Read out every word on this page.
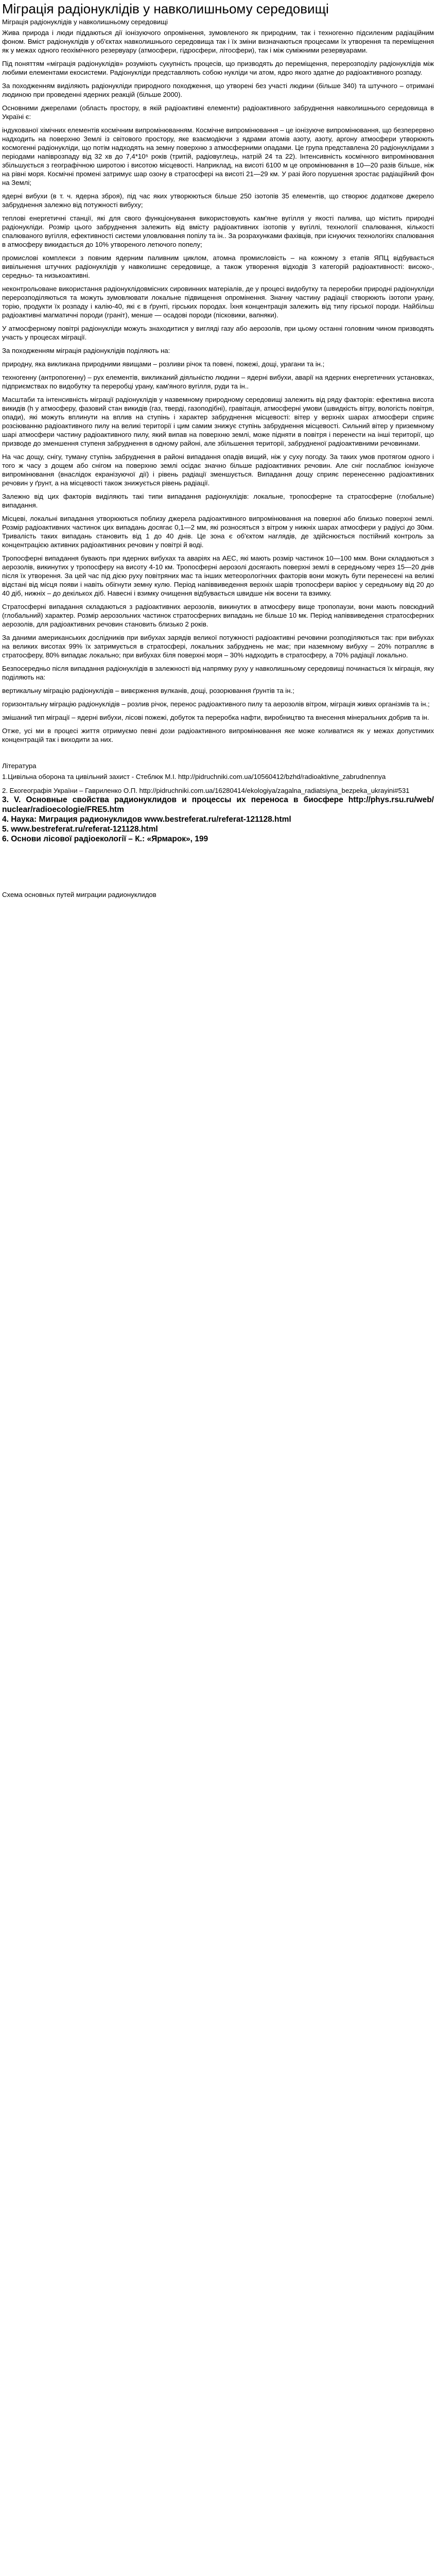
Міграція радіонуклідів у навколишньому середовищі

Міграція радіонуклідів у навколишньому середовищі

Жива природа і люди піддаються дії іонізуючого опромінення, зумовленого як природним, так і техногенно підсиленим радіаційним фоном. Вміст радіонуклідів у об'єктах навколишнього середовища так і їх зміни визначаються процесами їх утворення та переміщення як у межах одного геохімічного резервуару (атмосфери, гідросфери, літосфери), так і між суміжними резервуарами.

Під поняттям «міграція радіонуклідів» розуміють сукупність процесів, що призводять до переміщення, перерозподілу радіонуклідів між любими елементами екосистеми. Радіонукліди представляють собою нукліди чи атом, ядро якого здатне до радіоактивного розпаду.

За походженням виділяють радіонукліди природного походження, що утворені без участі людини (більше 340) та штучного – отримані людиною при проведенні ядерних реакцій (більше 2000).

Основними джерелами (область простору, в якій радіоактивні елементи) радіоактивного забруднення навколишнього середовища в Україні є:

індукованої хімічних елементів космічним випромінюванням. Космічне випромінювання – це іонізуюче випромінювання, що безперервно надходить на поверхню Землі із світового простору, яке взаємодіючи з ядрами атомів азоту, азоту, аргону атмосфери утворюють космогенні радіонукліди, що потім надходять на земну поверхню з атмосферними опадами. Це група представлена 20 радіонуклідами з періодами напіврозпаду від 32 хв до 7,4*10⁵ років (тритій, радіовуглець, натрій 24 та 22). Інтенсивність космічного випромінювання збільшується з географічною широтою і висотою місцевості. Наприклад, на висоті 6100 м це опромінювання в 10—20 разів більше, ніж на рівні моря. Космічні промені затримує шар озону в стратосфері на висоті 21—29 км. У разі його порушення зростає радіаційний фон на Землі;

ядерні вибухи (в т. ч. ядерна зброя), під час яких утворюються більше 250 ізотопів 35 елементів, що створює додаткове джерело забруднення залежно від потужності вибуху;

теплові енергетичні станції, які для свого функціонування використовують кам'яне вугілля у якості палива, що містить природні радіонукліди. Розмір цього забруднення залежить від вмісту радіоактивних ізотопів у вугіллі, технології спалювання, кількості спалюваного вугілля, ефективності системи уловлювання попілу та ін.. За розрахунками фахівців, при існуючих технологіях спалювання в атмосферу викидається до 10% утвореного летючого попелу;

промислові комплекси з повним ядерним паливним циклом, атомна промисловість – на кожному з етапів ЯПЦ відбувається вивільнення штучних радіонуклідів у навколишнє середовище, а також утворення відходів 3 категорій радіоактивності: високо-, середньо- та низькоактивні.

неконтрольоване використання радіонуклідовмісних сировинних матеріалів, де у процесі видобутку та переробки природні радіонукліди перерозподіляються та можуть зумовлювати локальне підвищення опромінення. Значну частину радіації створюють ізотопи урану, торію, продукти їх розпаду і калію-40, які є в ґрунті, гірських породах. Їхня концентрація залежить від типу гірської породи. Найбільш радіоактивні магматичні породи (граніт), менше — осадові породи (пісковики, вапняки).

У атмосферному повітрі радіонукліди можуть знаходитися у вигляді газу або аерозолів, при цьому останні головним чином призводять участь у процесах міграції.

За походженням міграція радіонуклідів поділяють на:

природну, яка викликана природними явищами – розливи річок та повені, пожежі, дощі, урагани та ін.;

техногенну (антропогенну) – рух елементів, викликаний діяльністю людини – ядерні вибухи, аварії на ядерних енергетичних установках, підприємствах по видобутку та переробці урану, кам'яного вугілля, руди та ін..

Масштаби та інтенсивність міграції радіонуклідів у назвемному природному середовищі залежить від ряду факторів: ефективна висота викидів (h у атмосферу, фазовий стан викидів (газ, тверді, газоподібні), гравітація, атмосферні умови (швидкість вітру, вологість повітря, опади), які можуть вплинути на вплив на ступінь і характер забруднення місцевості: вітер у верхніх шарах атмосфери сприяє розсіюванню радіоактивного пилу на великі території і цим самим знижує ступінь забруднення місцевості. Сильний вітер у приземному шарі атмосфери частину радіоактивного пилу, який випав на поверхню землі, може підняти в повітря і перенести на інші території, що призводе до зменшення ступеня забруднення в одному районі, але збільшення території, забрудненої радіоактивними речовинами.

На час дощу, снігу, туману ступінь забруднення в районі випадання опадів вищий, ніж у суху погоду. За таких умов протягом одного і того ж часу з дощем або снігом на поверхню землі осідає значно більше радіоактивних речовин. Але сніг послаблює іонізуюче випромінювання (внаслідок екранізуючої дії) і рівень радіації зменшується. Випадання дощу сприяє перенесенню радіоактивних речовин у ґрунт, а на місцевості також знижується рівень радіації.

Залежно від цих факторів виділяють такі типи випадання радіонуклідів: локальне, тропосферне та стратосферне (глобальне) випадання.

Місцеві, локальні випадання утворюються поблизу джерела радіоактивного випромінювання на поверхні або близько поверхні землі. Розмір радіоактивних частинок цих випадань досягає 0,1—2 мм, які розносяться з вітром у нижніх шарах атмосфери у радіусі до 30км. Тривалість таких випадань становить від 1 до 40 днів. Це зона є об'єктом наглядів, де здійснюється постійний контроль за концентрацією активних радіоактивних речовин у повітрі й воді.

Тропосферні випадання бувають при ядерних вибухах та аваріях на АЕС, які мають розмір частинок 10—100 мкм. Вони складаються з аерозолів, викинутих у тропосферу на висоту 4-10 км. Тропосферні аерозолі досягають поверхні землі в середньому через 15—20 днів після їх утворення. За цей час під дією руху повітряних мас та інших метеорологічних факторів вони можуть бути перенесені на великі відстані від місця появи і навіть обігнути земну кулю. Період напіввиведення верхніх шарів тропосфери варіює у середньому від 20 до 40 діб, нижніх – до декількох діб. Навесні і взимку очищення відбувається швидше ніж восени та взимку.

Стратосферні випадання складаються з радіоактивних аерозолів, викинутих в атмосферу вище тропопаузи, вони мають повсюдний (глобальний) характер. Розмір аерозольних частинок стратосферних випадань не більше 10 мк. Період напіввиведення стратосферних аерозолів, для радіоактивних речовин становить близько 2 років.

За даними американських дослідників при вибухах зарядів великої потужності радіоактивні речовини розподіляються так: при вибухах на великих висотах 99% їх затримується в стратосфері, локальних забруднень не має; при наземному вибуху – 20% потрапляє в стратосферу, 80% випадає локально; при вибухах біля поверхні моря – 30% надходить в стратосферу, а 70% радіації локально.

Безпосередньо після випадання радіонуклідів в залежності від напрямку руху у навколишньому середовищі починається їх міграція, яку поділяють на:

вертикальну міграцію радіонуклідів – вивєрження вулканів, дощі, розорювання ґрунтів та ін.;

горизонтальну міграцію радіонуклідів – розлив річок, перенос радіоактивного пилу та аерозолів вітром, міграція живих організмів та ін.;

змішаний тип міграції – ядерні вибухи, лісові пожежі, добуток та переробка нафти, виробництво та внесення мінеральних добрив та ін.

Отже, усі ми в процесі життя отримуємо певні дози радіоактивного випромінювання яке може коливатися як у межах допустимих концентрацій так і виходити за них.

Література

1.Цивільна оборона та цивільний захист - Стеблюк М.І. http://pidruchniki.com.ua/10560412/bzhd/radioaktivne_zabrudnennya

2. Екогеографія України – Гавриленко О.П. http://pidruchniki.com.ua/16280414/ekologiya/zagalna_radiatsiyna_bezpeka_ukrayini#531

3. V. Основные свойства радионуклидов и процессы их переноса в биосфере http://phys.rsu.ru/web/ nuclear/radioecologie/FRE5.htm

4. Наука: Миграция радионуклидов www.bestreferat.ru/referat-121128.html

5. www.bestreferat.ru/referat-121128.html

6. Основи лісової радіоекології – К.: «Ярмарок», 199

Схема основных путей миграции радионуклидов
